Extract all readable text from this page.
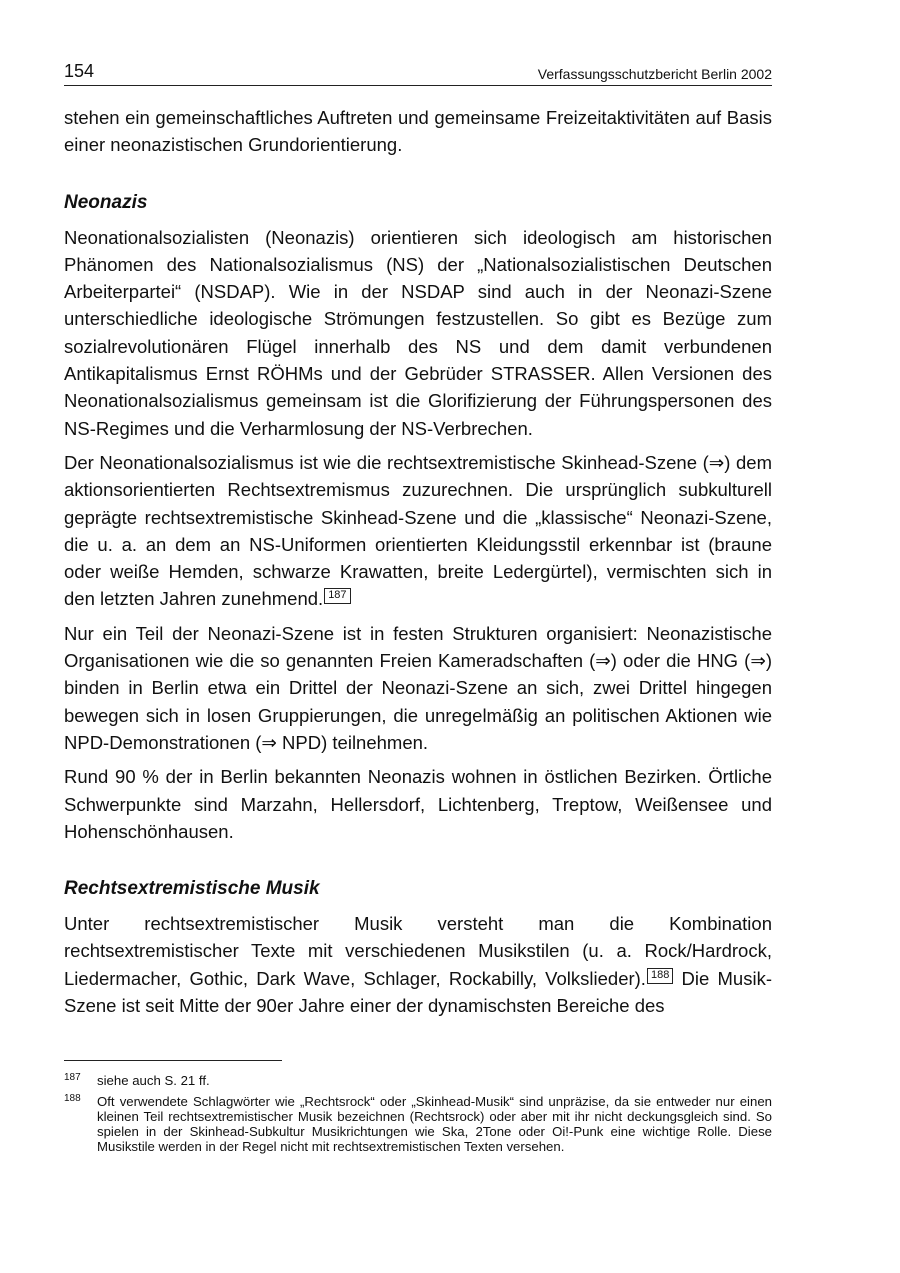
154	Verfassungsschutzbericht Berlin 2002

stehen ein gemeinschaftliches Auftreten und gemeinsame Freizeitaktivitäten auf Basis einer neonazistischen Grundorientierung.

Neonazis

Neonationalsozialisten (Neonazis) orientieren sich ideologisch am historischen Phänomen des Nationalsozialismus (NS) der „Nationalsozialistischen Deutschen Arbeiterpartei“ (NSDAP). Wie in der NSDAP sind auch in der Neonazi-Szene unterschiedliche ideologische Strömungen festzustellen. So gibt es Bezüge zum sozialrevolutionären Flügel innerhalb des NS und dem damit verbundenen Antikapitalismus Ernst RÖHMs und der Gebrüder STRASSER. Allen Versionen des Neonationalsozialismus gemeinsam ist die Glorifizierung der Führungspersonen des NS-Regimes und die Verharmlosung der NS-Verbrechen.

Der Neonationalsozialismus ist wie die rechtsextremistische Skinhead-Szene (⇒) dem aktionsorientierten Rechtsextremismus zuzurechnen. Die ursprünglich subkulturell geprägte rechtsextremistische Skinhead-Szene und die „klassische“ Neonazi-Szene, die u. a. an dem an NS-Uniformen orientierten Kleidungsstil erkennbar ist (braune oder weiße Hemden, schwarze Krawatten, breite Ledergürtel), vermischten sich in den letzten Jahren zunehmend. $^{187}$

Nur ein Teil der Neonazi-Szene ist in festen Strukturen organisiert: Neonazistische Organisationen wie die so genannten Freien Kameradschaften (⇒) oder die HNG (⇒) binden in Berlin etwa ein Drittel der Neonazi-Szene an sich, zwei Drittel hingegen bewegen sich in losen Gruppierungen, die unregelmäßig an politischen Aktionen wie NPD-Demonstrationen (⇒ NPD) teilnehmen.

Rund 90 % der in Berlin bekannten Neonazis wohnen in östlichen Bezirken. Örtliche Schwerpunkte sind Marzahn, Hellersdorf, Lichtenberg, Treptow, Weißensee und Hohenschönhausen.

Rechtsextremistische Musik

Unter rechtsextremistischer Musik versteht man die Kombination rechtsextremistischer Texte mit verschiedenen Musikstilen (u. a. Rock/Hardrock, Liedermacher, Gothic, Dark Wave, Schlager, Rockabilly, Volkslieder). $^{188}$ Die Musik-Szene ist seit Mitte der 90er Jahre einer der dynamischsten Bereiche des

187 siehe auch S. 21 ff.
188 Oft verwendete Schlagwörter wie „Rechtsrock“ oder „Skinhead-Musik“ sind unpräzise, da sie entweder nur einen kleinen Teil rechtsextremistischer Musik bezeichnen (Rechtsrock) oder aber mit ihr nicht deckungsgleich sind. So spielen in der Skinhead-Subkultur Musikrichtungen wie Ska, 2Tone oder Oi!-Punk eine wichtige Rolle. Diese Musikstile werden in der Regel nicht mit rechtsextremistischen Texten versehen.
